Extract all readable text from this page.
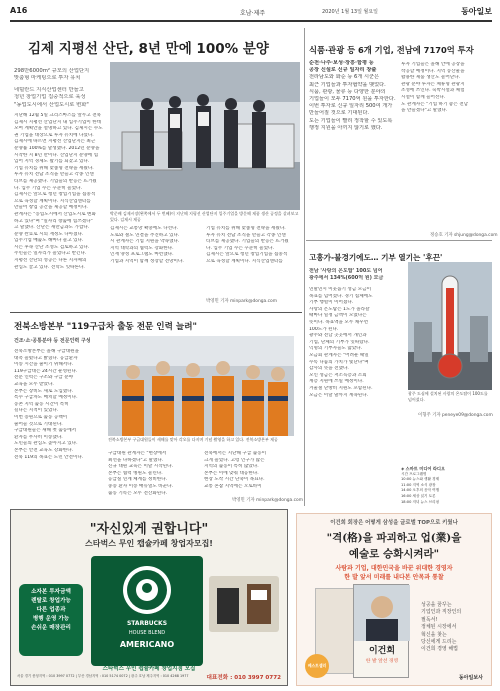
A16	호남·제주	2020년 1월 13일 월요일	동아일보
김제 지평선 산단, 8년 만에 100% 분양
298만6000m² 규모의 산업단지
맞춤형 마케팅으로 투자 유치
네덜란드 지식산업센터 만들고
청년 창업기업 집중적으로 육성
"농업도시에서 산업도시로 변화"
지난해 12월 5일 크리스마스를 앞두고 전북
김제시 지평선 산업단지 내 입주기업이 한데
모여 계획안을 설명하고 있다. 김제시는 수도
권 기업을 대상으로 투자 유치에 나섰다.
김제시에 따르면 지평선 산업단지는 최근
분양률 100%를 달성했다. 2012년 분양을
시작한 지 8년 만이다. 산업단지 분양에 힘
입어 지역 경제도 활기를 되찾고 있다.
기업 유치를 위해 맞춤형 전략을 세웠다.
투자 유치 전담 조직을 만들고 각종 인센
티브를 제공했다. 기업들의 반응은 뜨거웠
다. 입주 기업 수는 꾸준히 늘었다.
김제시는 앞으로 청년 창업기업을 집중적
으로 육성할 계획이다. 지식산업센터를
만들어 창업 공간을 제공할 예정이다.
관계자는 "농업도시에서 산업도시로 변화
하고 있다"며 "일자리 창출에 힘쓰겠다"
고 말했다. 산단은 새만금과도 가깝다.
분양 완료로 시의 재정도 나아졌다.
입주기업 매출도 해마다 늘고 있다.
시는 후속 산단 조성도 검토하고 있다.
주민들은 일자리가 늘었다고 반긴다.
지평선 산단의 성공은 다른 지자체의
관심도 끌고 있다. 견학도 잇따른다.
박준배 김제시장(왼쪽에서 두 번째)이 지난해 지평선 산업단지 입주기업을 방문해 제품 생산 공정을 살펴보고 있다. 김제시 제공
김제시는 교통망 확충에도 나선다.
도로와 철도 연결을 추진하고 있다.
시 관계자는 기업 지원을 약속했다.
지역 대학과의 협력도 강화한다.
인재 양성 프로그램도 마련했다.
기업과 지역이 함께 성장할 전망이다.
기업 유치를 위해 맞춤형 전략을 세웠다.
투자 유치 전담 조직을 만들고 각종 인센
티브를 제공했다. 기업들의 반응은 뜨거웠
다. 입주 기업 수는 꾸준히 늘었다.
김제시는 앞으로 청년 창업기업을 집중적
으로 육성할 계획이다. 지식산업센터를
박영민 기자 minpark@donga.com
식품·관광 등 6개 기업, 전남에 7170억 투자
순천·나주·보성·장흥·함평 등
공장 신설로 신규 일자리 창출
전라남도와 화순 등 6개 시군은
최근 기업들과 투자협약을 맺었다.
식품, 관광, 물류 등 다양한 분야의
기업들이 모두 7170억 원을 투자한다.
이번 투자로 신규 일자리 500여 개가
만들어질 것으로 기대된다.
도는 기업들이 빨리 정착할 수 있도록
행정 지원을 아끼지 않기로 했다.
투자 기업들은 올해 안에 공장을
착공할 예정이다. 지역 농산물을
활용한 제품 생산도 늘어난다.
관광 분야 투자는 체류형 관광지
조성에 쓰인다. 숙박시설과 체험
시설이 함께 들어선다.
도 관계자는 "기업 하기 좋은 전남
을 만들겠다"고 말했다.
정승호 기자 shjung@donga.com
고흥가-불경기에도… 기부 열기는 '후끈'
전남 '사랑의 온도탑' 100도 넘어
광주에서 134%(600억 원) 모금
연말연시 이웃돕기 성금 모금이
목표를 넘어섰다. 경기 침체에도
기부 행렬이 이어졌다.
사랑의 온도탑은 1도가 올라갈
때마다 일정 금액이 모였다는
뜻이다. 목표액을 모두 채우면
100도가 된다.
광주와 전남 곳곳에서 개인과
기업, 단체의 기부가 잇따랐다.
익명의 기부자들도 많았다.
모금회 관계자는 "어려운 때일
수록 나눔의 가치가 빛난다"며
감사의 뜻을 전했다.
모인 성금은 저소득층과 소외
계층 지원에 쓰일 예정이다.
겨울철 난방비 지원도 포함된다.
모금은 이달 말까지 계속된다.	광주 도심에 설치된 사랑의 온도탑이 100도를 넘어섰다.
이형주 기자 peneye09@donga.com
◈ 스마트 미디어 라디오
시간 프로그램명
10:00 뉴스와 생활 경제
11:00 지역 소식 광장
14:00 오후의 음악 여행
16:00 세상 읽기 토론
18:00 저녁 뉴스 브리핑
전북소방본부 "119구급차 출동 전문 인력 늘려"
건조·소·공통분야 등 전문인력 구성
전북소방본부 구급대원들이 새해를 맞아 각오를 다지며 기념 촬영을 하고 있다. 전북소방본부 제공
전북소방본부는 올해 구급대원을
대폭 늘렸다고 밝혔다. 응급환자
이송 시간을 줄이기 위해서다.
119구급대는 24시간 운영된다.
전문 인력은 구조와 구급 분야
교육을 모두 받았다.
본부는 장비도 새로 도입했다.
특수 구급차도 배치할 예정이다.
농촌 지역 출동 시간이 특히
길다는 지적이 있었다.
이번 증원으로 출동 공백이
줄어들 것으로 기대된다.
구급대원들은 새해 첫 출동에서
환자를 무사히 이송했다.
도민들의 관심도 높아지고 있다.
본부는 안전 교육도 강화한다.
전북 119의 목표는 도민 안전이다.
구급대원 관계자는 "현장에서
최선을 다하겠다"고 말했다.
신규 대원 교육은 이달 시작된다.
본부는 협력 병원도 늘린다.
응급실 연계 체계를 정비한다.
중증 환자 이송 매뉴얼도 바꾼다.
출동 기록은 모두 전산화된다.
전북에서는 지난해 구급 출동이
크게 늘었다. 고령 인구가 많은
지역의 출동이 특히 많았다.
본부는 이에 맞춰 대응한다.
현장 도착 시간 단축이 목표다.
교통 혼잡 지역에는 오토바이
박영민 기자 minpark@donga.com
"자신있게 권합니다"
스타벅스 무인 캡슐카페 창업자모집!
소자본 투자금액
렌탈로 창업가능
다른 업종과
병행 운영 가능
손쉬운 매장관리
STARBUCKS
HOUSE BLEND
AMERICANO
스타벅스 무인 캡슐카페 창업지점 모집
서울 경기 충청지역 : 010 3997 0772 | 부산 경남지역 : 010 5174 0072 | 광주 호남 제주지역 : 010 4268 1977	대표전화 : 010 3997 0772
이건희 회장은 어떻게 삼성을 글로벌 TOP으로 키웠나
"격(格)을 파괴하고 업(業)을
예술로 승화시켜라"
사람과 기업, 대한민국을 바꾼 위대한 경영자
한 발 앞서 미래를 내다본 안목과 통찰
이건희
한 발 앞선 경영
베스트셀러
성공을 꿈꾸는
기업인과 직장인의
필독서!
정체된 시장에서
혁신을 찾는
당신에게 드리는
이건희 경영 해법
동아일보사
